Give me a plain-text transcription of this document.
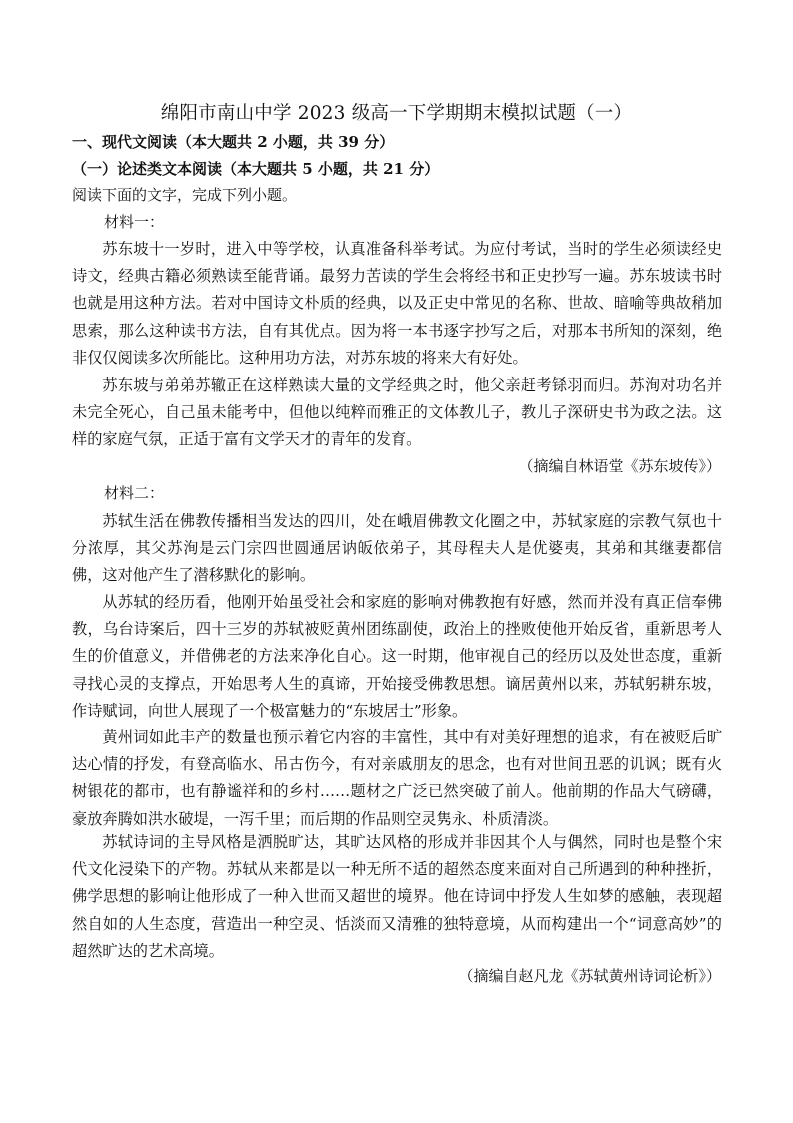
绵阳市南山中学 2023 级高一下学期期末模拟试题（一）
一、现代文阅读（本大题共 2 小题，共 39 分）
（一）论述类文本阅读（本大题共 5 小题，共 21 分）
阅读下面的文字，完成下列小题。
材料一：
苏东坡十一岁时，进入中等学校，认真准备科举考试。为应付考试，当时的学生必须读经史诗文，经典古籍必须熟读至能背诵。最努力苦读的学生会将经书和正史抄写一遍。苏东坡读书时也就是用这种方法。若对中国诗文朴质的经典，以及正史中常见的名称、世故、暗喻等典故稍加思索，那么这种读书方法，自有其优点。因为将一本书逐字抄写之后，对那本书所知的深刻，绝非仅仅阅读多次所能比。这种用功方法，对苏东坡的将来大有好处。
苏东坡与弟弟苏辙正在这样熟读大量的文学经典之时，他父亲赶考铩羽而归。苏洵对功名并未完全死心，自己虽未能考中，但他以纯粹而雅正的文体教儿子，教儿子深研史书为政之法。这样的家庭气氛，正适于富有文学天才的青年的发育。
（摘编自林语堂《苏东坡传》）
材料二：
苏轼生活在佛教传播相当发达的四川，处在峨眉佛教文化圈之中，苏轼家庭的宗教气氛也十分浓厚，其父苏洵是云门宗四世圆通居讷皈依弟子，其母程夫人是优婆夷，其弟和其继妻都信佛，这对他产生了潜移默化的影响。
从苏轼的经历看，他刚开始虽受社会和家庭的影响对佛教抱有好感，然而并没有真正信奉佛教，乌台诗案后，四十三岁的苏轼被贬黄州团练副使，政治上的挫败使他开始反省，重新思考人生的价值意义，并借佛老的方法来净化自心。这一时期，他审视自己的经历以及处世态度，重新寻找心灵的支撑点，开始思考人生的真谛，开始接受佛教思想。谪居黄州以来，苏轼躬耕东坡，作诗赋词，向世人展现了一个极富魅力的“东坡居士”形象。
黄州词如此丰产的数量也预示着它内容的丰富性，其中有对美好理想的追求，有在被贬后旷达心情的抒发，有登高临水、吊古伤今，有对亲戚朋友的思念，也有对世间丑恶的讥讽；既有火树银花的都市，也有静谧祥和的乡村……题材之广泛已然突破了前人。他前期的作品大气磅礴，豪放奔腾如洪水破堤，一泻千里；而后期的作品则空灵隽永、朴质清淡。
苏轼诗词的主导风格是洒脱旷达，其旷达风格的形成并非因其个人与偶然，同时也是整个宋代文化浸染下的产物。苏轼从来都是以一种无所不适的超然态度来面对自己所遇到的种种挫折，佛学思想的影响让他形成了一种入世而又超世的境界。他在诗词中抒发人生如梦的感触，表现超然自如的人生态度，营造出一种空灵、恬淡而又清雅的独特意境，从而构建出一个“词意高妙”的超然旷达的艺术高境。
（摘编自赵凡龙《苏轼黄州诗词论析》）
